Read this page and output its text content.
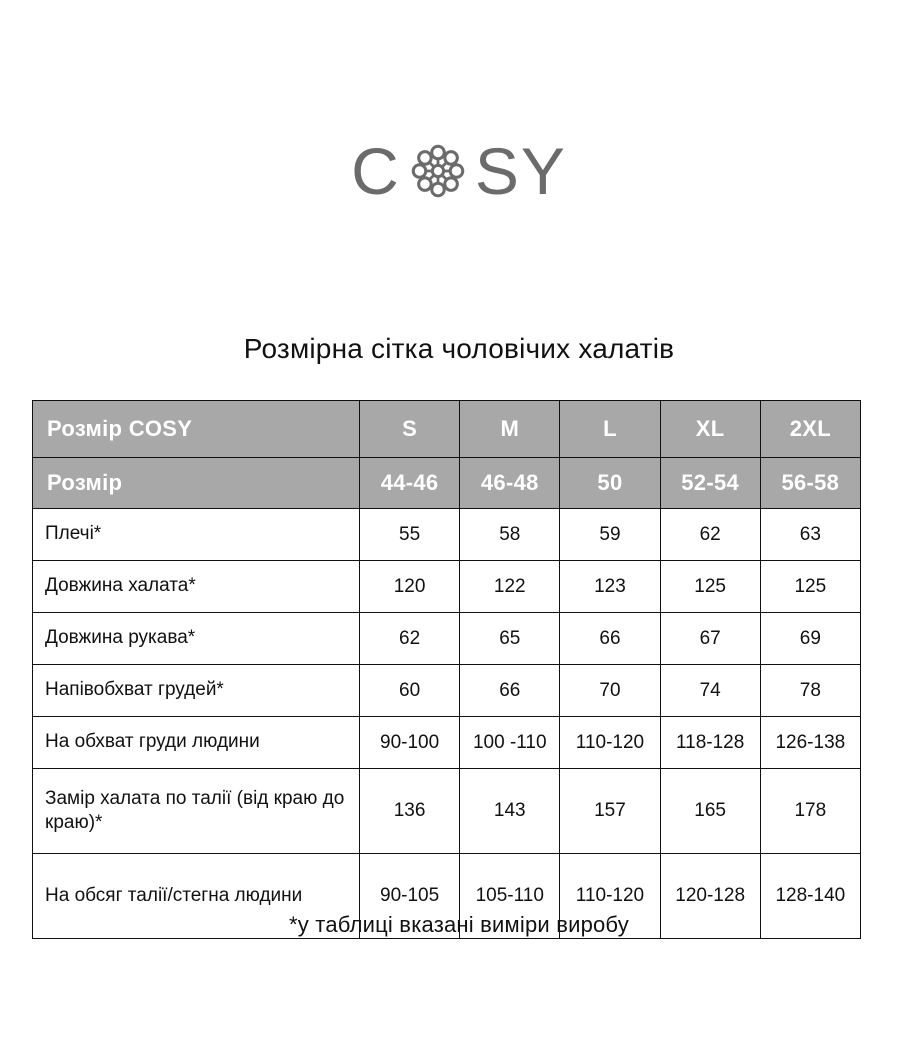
C SY
Розмірна сітка чоловічих халатів
Розмір COSY	S	M	L	XL	2XL
Розмір	44-46	46-48	50	52-54	56-58
Плечі*	55	58	59	62	63
Довжина халата*	120	122	123	125	125
Довжина рукава*	62	65	66	67	69
Напівобхват грудей*	60	66	70	74	78
На обхват груди людини	90-100	100 -110	110-120	118-128	126-138
Замір халата по талії (від краю до краю)*	136	143	157	165	178
На обсяг талії/стегна людини	90-105	105-110	110-120	120-128	128-140
*у таблиці вказані виміри виробу
